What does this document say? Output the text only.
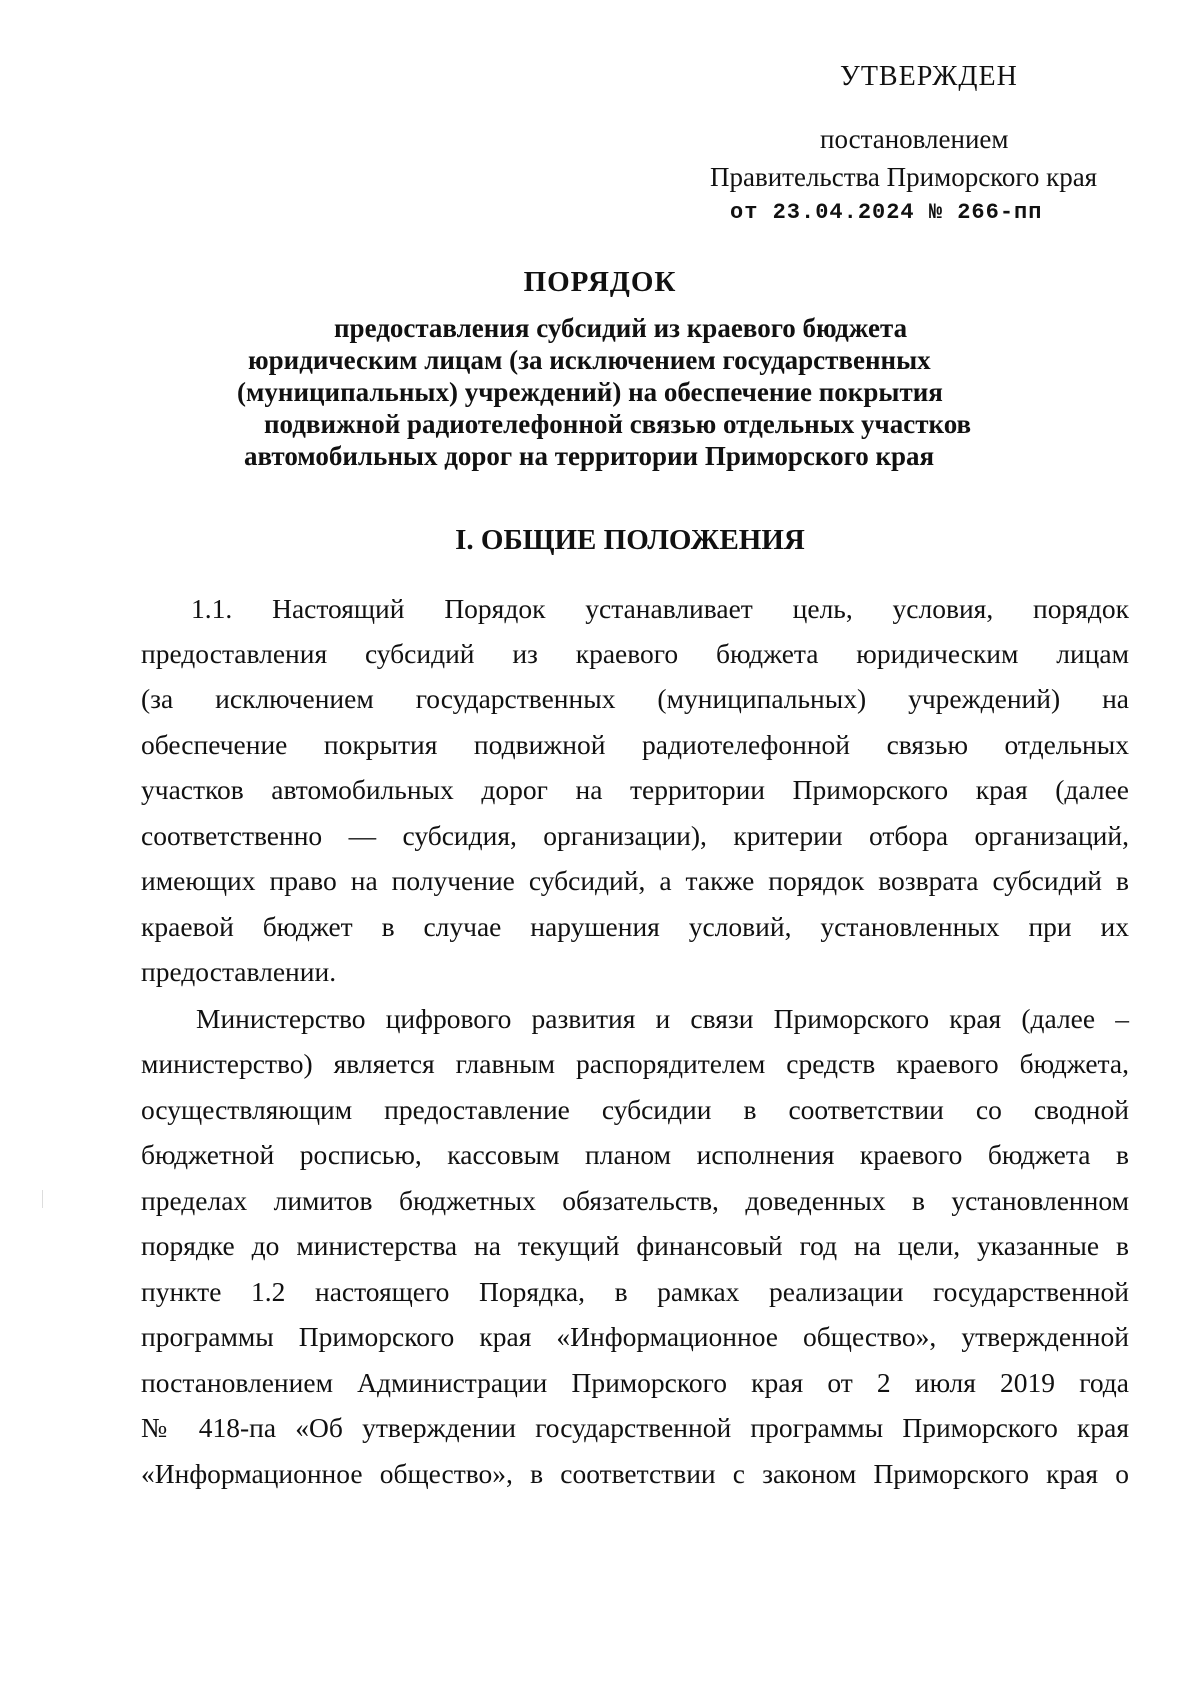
УТВЕРЖДЕН
постановлением
Правительства Приморского края
от 23.04.2024 № 266-пп
ПОРЯДОК
предоставления субсидий из краевого бюджета
юридическим лицам (за исключением государственных
(муниципальных) учреждений) на обеспечение покрытия
подвижной радиотелефонной связью отдельных участков
автомобильных дорог на территории Приморского края
I. ОБЩИЕ ПОЛОЖЕНИЯ
1.1. Настоящий Порядок устанавливает цель, условия, порядок
предоставления субсидий из краевого бюджета юридическим лицам
(за исключением государственных (муниципальных) учреждений) на
обеспечение покрытия подвижной радиотелефонной связью отдельных
участков автомобильных дорог на территории Приморского края (далее
соответственно — субсидия, организации), критерии отбора организаций,
имеющих право на получение субсидий, а также порядок возврата субсидий в
краевой бюджет в случае нарушения условий, установленных при их
предоставлении.
Министерство цифрового развития и связи Приморского края (далее –
министерство) является главным распорядителем средств краевого бюджета,
осуществляющим предоставление субсидии в соответствии со сводной
бюджетной росписью, кассовым планом исполнения краевого бюджета в
пределах лимитов бюджетных обязательств, доведенных в установленном
порядке до министерства на текущий финансовый год на цели, указанные в
пункте 1.2 настоящего Порядка, в рамках реализации государственной
программы Приморского края «Информационное общество», утвержденной
постановлением Администрации Приморского края от 2 июля 2019 года
№ 418-па «Об утверждении государственной программы Приморского края
«Информационное общество», в соответствии с законом Приморского края о
